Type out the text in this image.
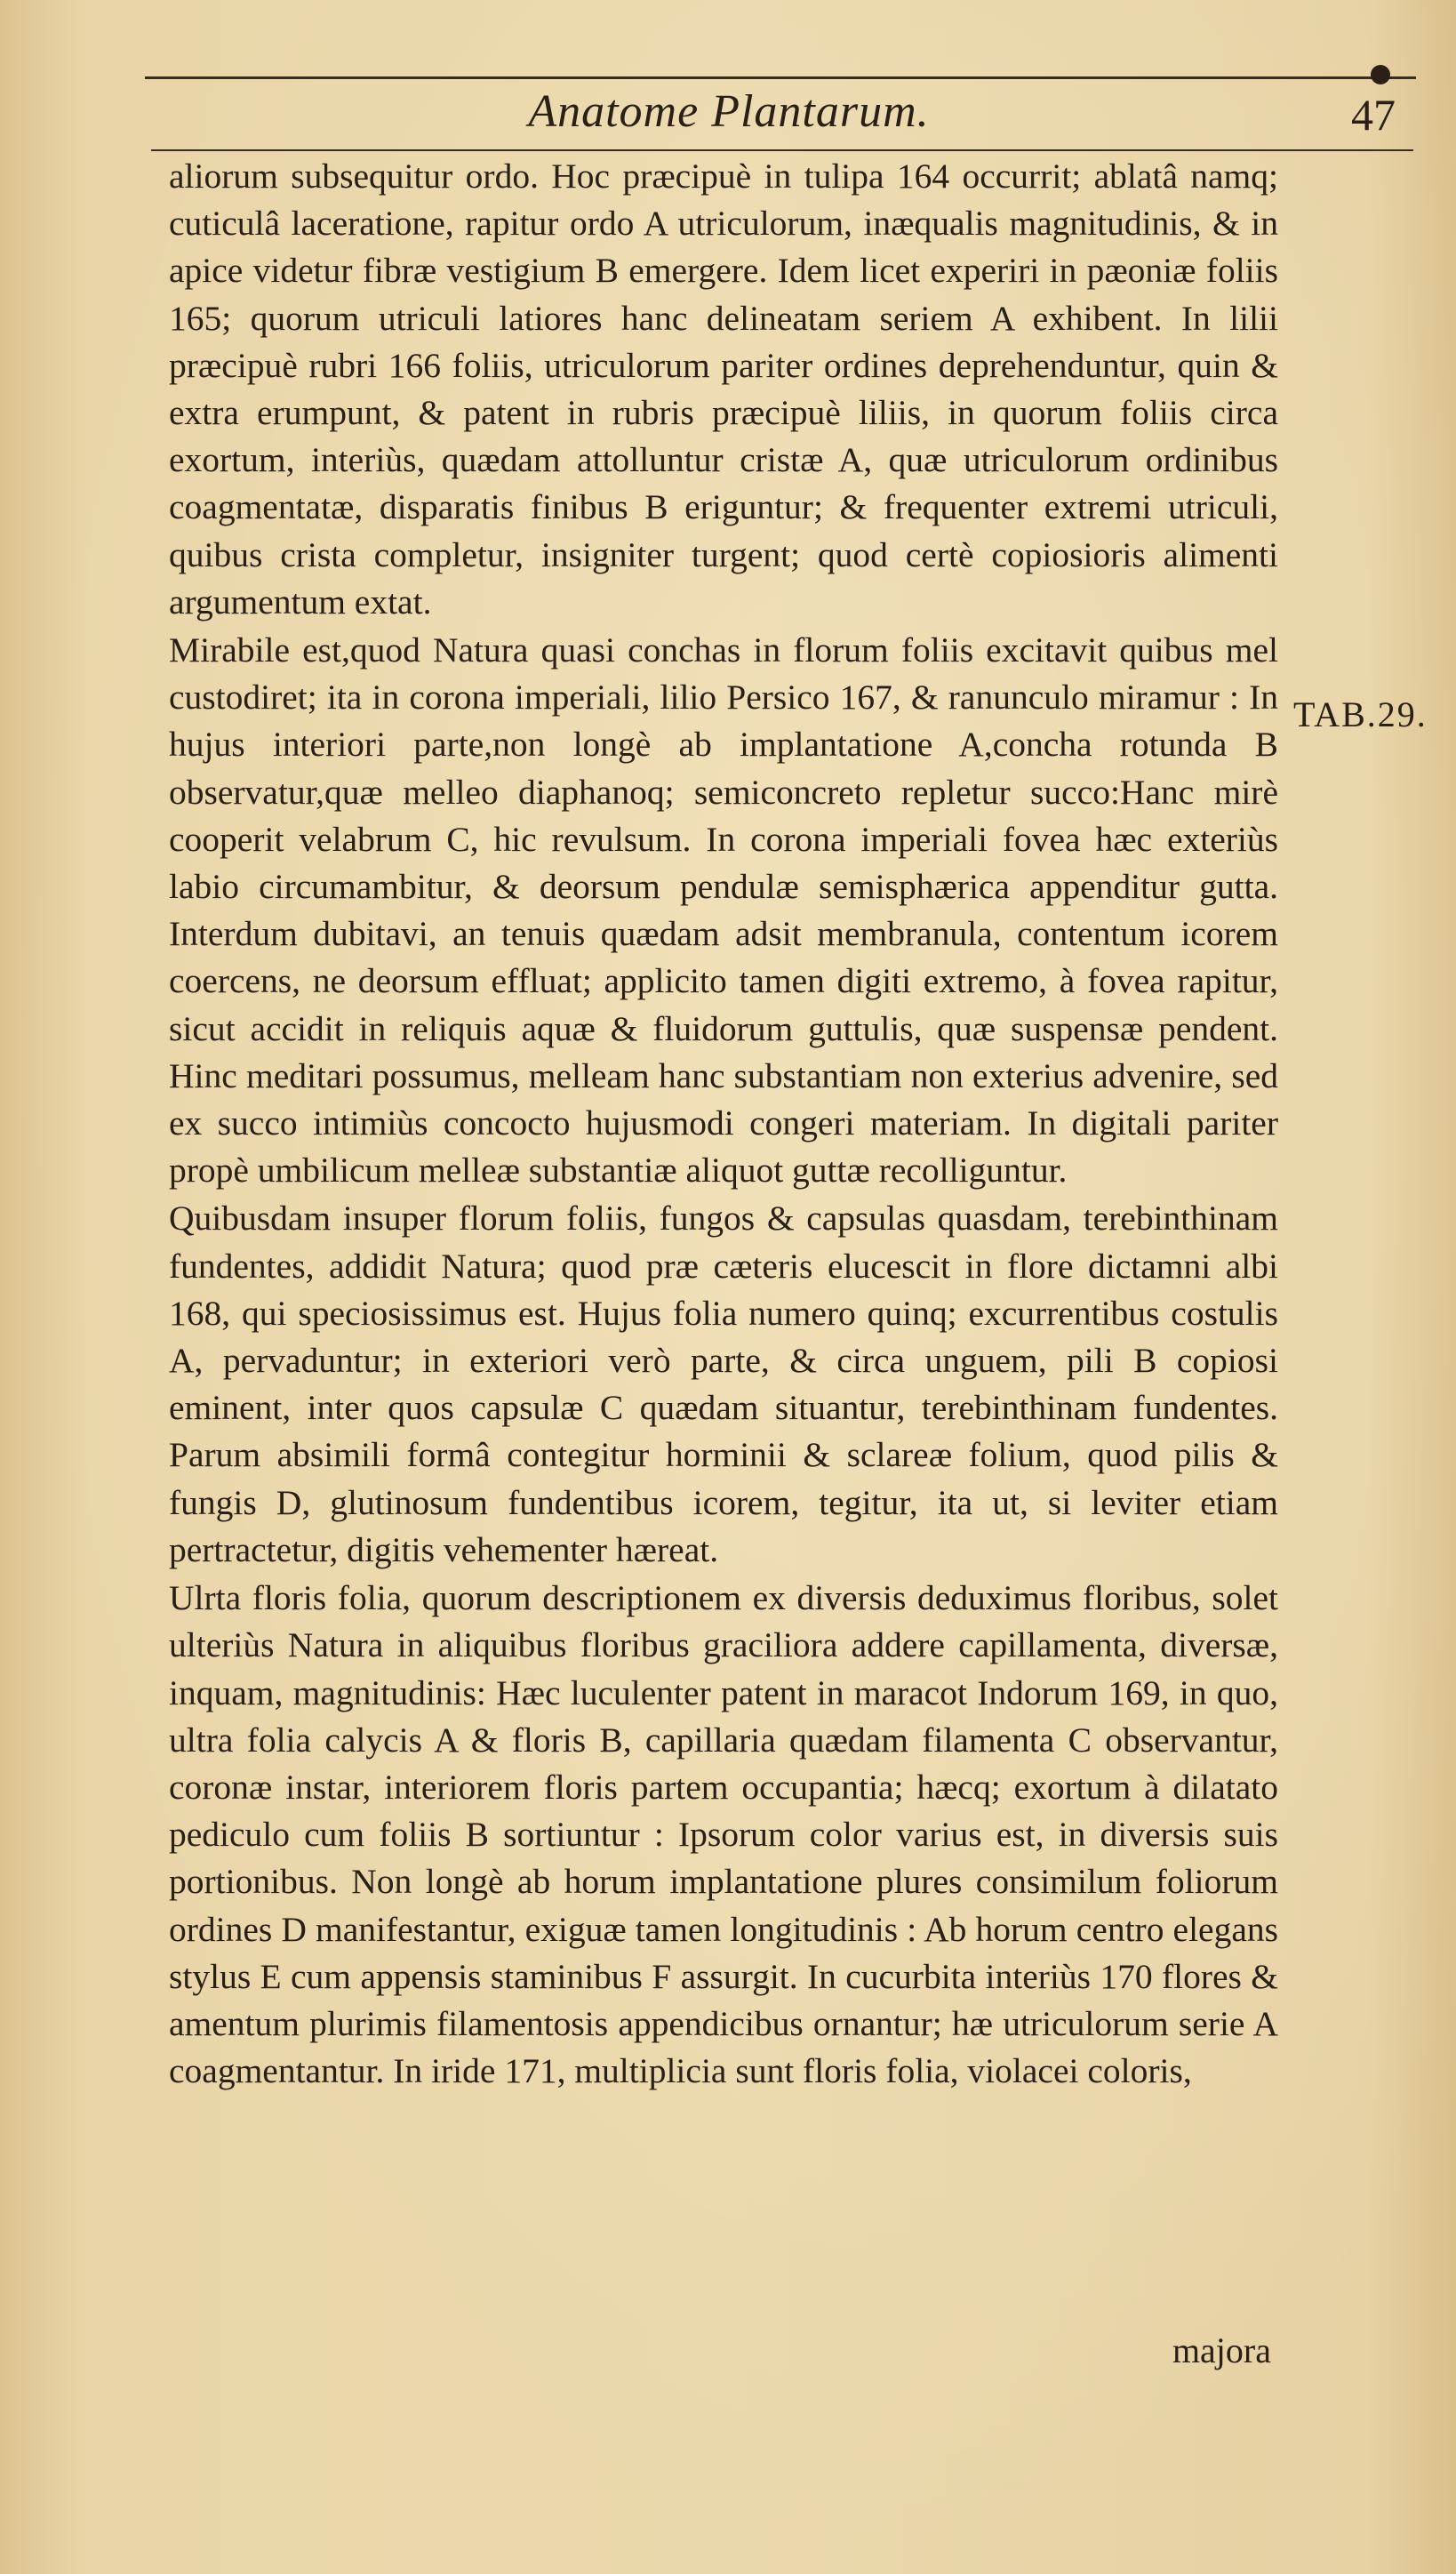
Anatome Plantarum.	47
TAB.29.

aliorum subsequitur ordo. Hoc præcipuè in tulipa 164 occurrit; ablatâ namq; cuticulâ laceratione, rapitur ordo A utriculorum, inæqualis magnitudinis, & in apice videtur fibræ vestigium B emergere. Idem licet experiri in pæoniæ foliis 165; quorum utriculi latiores hanc delineatam seriem A exhibent. In lilii præcipuè rubri 166 foliis, utriculorum pariter ordines deprehenduntur, quin & extra erumpunt, & patent in rubris præcipuè liliis, in quorum foliis circa exortum, interiùs, quædam attolluntur cristæ A, quæ utriculorum ordinibus coagmentatæ, disparatis finibus B eriguntur; & frequenter extremi utriculi, quibus crista completur, insigniter turgent; quod certè copiosioris alimenti argumentum extat.

Mirabile est,quod Natura quasi conchas in florum foliis excitavit quibus mel custodiret; ita in corona imperiali, lilio Persico 167, & ranunculo miramur : In hujus interiori parte,non longè ab implantatione A,concha rotunda B observatur,quæ melleo diaphanoq; semiconcreto repletur succo:Hanc mirè cooperit velabrum C, hic revulsum. In corona imperiali fovea hæc exteriùs labio circumambitur, & deorsum pendulæ semisphærica appenditur gutta. Interdum dubitavi, an tenuis quædam adsit membranula, contentum icorem coercens, ne deorsum effluat; applicito tamen digiti extremo, à fovea rapitur, sicut accidit in reliquis aquæ & fluidorum guttulis, quæ suspensæ pendent. Hinc meditari possumus, melleam hanc substantiam non exterius advenire, sed ex succo intimiùs concocto hujusmodi congeri materiam. In digitali pariter propè umbilicum melleæ substantiæ aliquot guttæ recolliguntur.

Quibusdam insuper florum foliis, fungos & capsulas quasdam, terebinthinam fundentes, addidit Natura; quod præ cæteris elucescit in flore dictamni albi 168, qui speciosissimus est. Hujus folia numero quinq; excurrentibus costulis A, pervaduntur; in exteriori verò parte, & circa unguem, pili B copiosi eminent, inter quos capsulæ C quædam situantur, terebinthinam fundentes. Parum absimili formâ contegitur horminii & sclareæ folium, quod pilis & fungis D, glutinosum fundentibus icorem, tegitur, ita ut, si leviter etiam pertractetur, digitis vehementer hæreat.

Ulrta floris folia, quorum descriptionem ex diversis deduximus floribus, solet ulteriùs Natura in aliquibus floribus graciliora addere capillamenta, diversæ, inquam, magnitudinis: Hæc luculenter patent in maracot Indorum 169, in quo, ultra folia calycis A & floris B, capillaria quædam filamenta C observantur, coronæ instar, interiorem floris partem occupantia; hæcq; exortum à dilatato pediculo cum foliis B sortiuntur : Ipsorum color varius est, in diversis suis portionibus. Non longè ab horum implantatione plures consimilum foliorum ordines D manifestantur, exiguæ tamen longitudinis : Ab horum centro elegans stylus E cum appensis staminibus F assurgit. In cucurbita interiùs 170 flores & amentum plurimis filamentosis appendicibus ornantur; hæ utriculorum serie A coagmentantur. In iride 171, multiplicia sunt floris folia, violacei coloris,

majora
